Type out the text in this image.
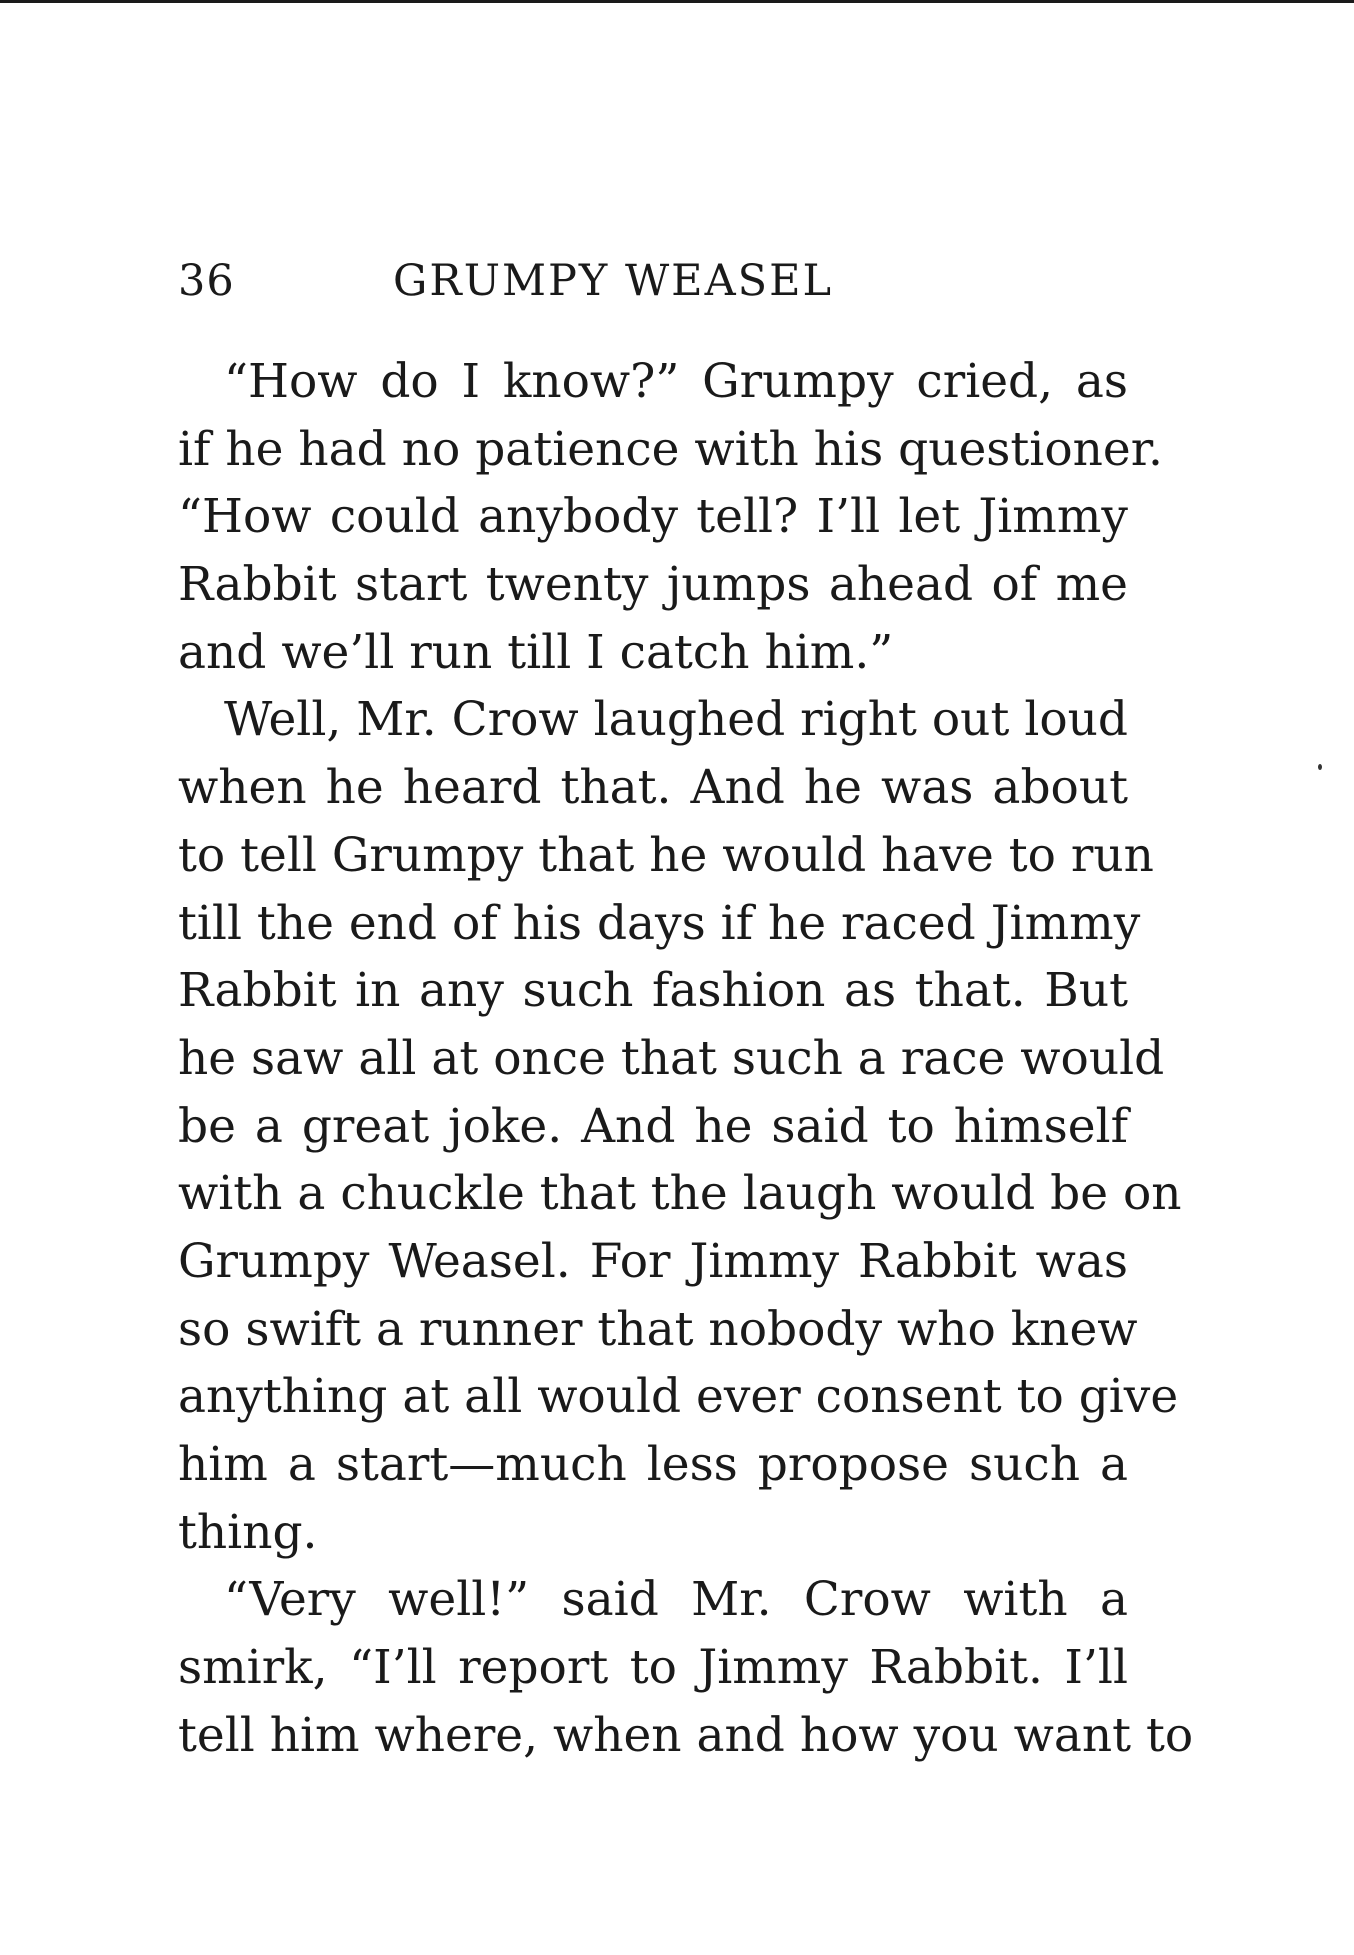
36	GRUMPY WEASEL
“How do I know?” Grumpy cried, as
if he had no patience with his questioner.
“How could anybody tell? I’ll let Jimmy
Rabbit start twenty jumps ahead of me
and we’ll run till I catch him.”
Well, Mr. Crow laughed right out loud
when he heard that. And he was about
to tell Grumpy that he would have to run
till the end of his days if he raced Jimmy
Rabbit in any such fashion as that. But
he saw all at once that such a race would
be a great joke. And he said to himself
with a chuckle that the laugh would be on
Grumpy Weasel. For Jimmy Rabbit was
so swift a runner that nobody who knew
anything at all would ever consent to give
him a start—much less propose such a
thing.
“Very well!” said Mr. Crow with a
smirk, “I’ll report to Jimmy Rabbit. I’ll
tell him where, when and how you want to
